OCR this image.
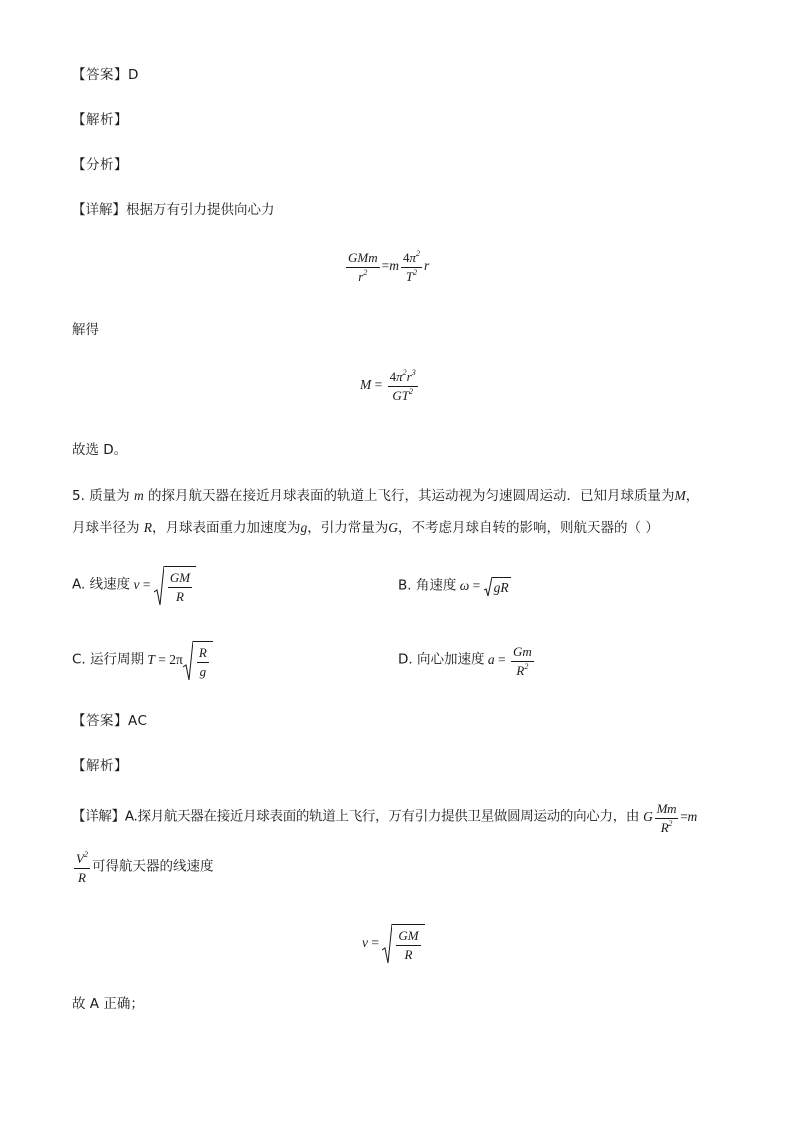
【答案】D
【解析】
【分析】
【详解】根据万有引力提供向心力
$\frac{\text{GMm}}{r^2} =m \frac{4\pi^2}{T^2}$ r
解得
$M = \frac{4\pi^2r^3}{GT^2}$
故选 D。
5. 质量为 m 的探月航天器在接近月球表面的轨道上飞行，其运动视为匀速圆周运动．已知月球质量为M，
月球半径为 R，月球表面重力加速度为g，引力常量为G，不考虑月球自转的影响，则航天器的（ ）
A. 线速度 $v = \frac{GM}{R}$	B. 角速度 ω = gR
C. 运行周期 $T = 2\pi \frac{R}{g}$	D. 向心加速度 $a = \frac{Gm}{R^2}$
【答案】AC
【解析】
【详解】A.探月航天器在接近月球表面的轨道上飞行，万有引力提供卫星做圆周运动的向心力，由 G $\frac{Mm}{R^2} =m$
$\frac{V^2}{R}$ 可得航天器的线速度
$v = \frac{GM}{R}$
故 A 正确；
